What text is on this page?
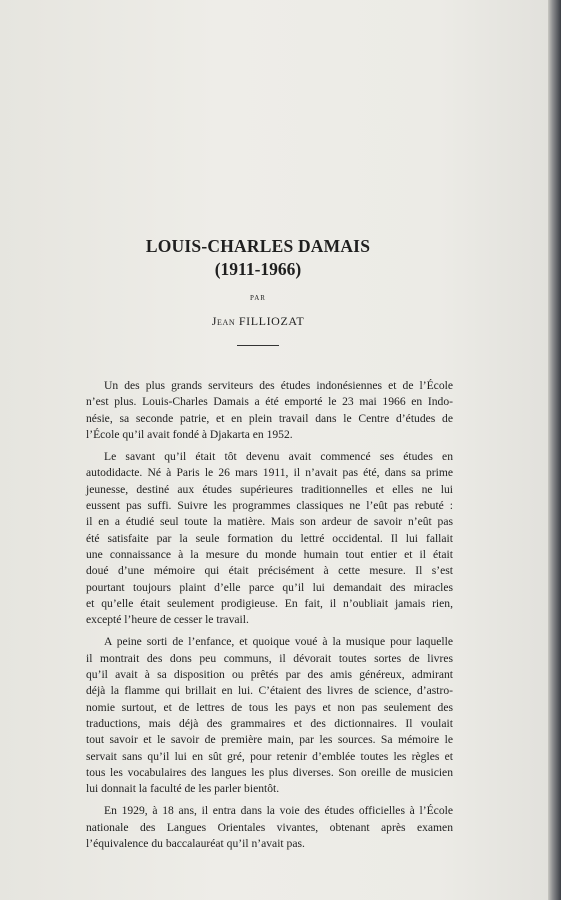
LOUIS-CHARLES DAMAIS
(1911-1966)
par
Jean FILLIOZAT

Un des plus grands serviteurs des études indonésiennes et de l’École
n’est plus. Louis-Charles Damais a été emporté le 23 mai 1966 en Indo-
nésie, sa seconde patrie, et en plein travail dans le Centre d’études de
l’École qu’il avait fondé à Djakarta en 1952.

Le savant qu’il était tôt devenu avait commencé ses études en
autodidacte. Né à Paris le 26 mars 1911, il n’avait pas été, dans sa prime
jeunesse, destiné aux études supérieures traditionnelles et elles ne lui
eussent pas suffi. Suivre les programmes classiques ne l’eût pas rebuté :
il en a étudié seul toute la matière. Mais son ardeur de savoir n’eût pas
été satisfaite par la seule formation du lettré occidental. Il lui fallait
une connaissance à la mesure du monde humain tout entier et il était
doué d’une mémoire qui était précisément à cette mesure. Il s’est
pourtant toujours plaint d’elle parce qu’il lui demandait des miracles
et qu’elle était seulement prodigieuse. En fait, il n’oubliait jamais rien,
excepté l’heure de cesser le travail.

A peine sorti de l’enfance, et quoique voué à la musique pour laquelle
il montrait des dons peu communs, il dévorait toutes sortes de livres
qu’il avait à sa disposition ou prêtés par des amis généreux, admirant
déjà la flamme qui brillait en lui. C’étaient des livres de science, d’astro-
nomie surtout, et de lettres de tous les pays et non pas seulement des
traductions, mais déjà des grammaires et des dictionnaires. Il voulait
tout savoir et le savoir de première main, par les sources. Sa mémoire le
servait sans qu’il lui en sût gré, pour retenir d’emblée toutes les règles et
tous les vocabulaires des langues les plus diverses. Son oreille de musicien
lui donnait la faculté de les parler bientôt.

En 1929, à 18 ans, il entra dans la voie des études officielles à l’École
nationale des Langues Orientales vivantes, obtenant après examen
l’équivalence du baccalauréat qu’il n’avait pas.
